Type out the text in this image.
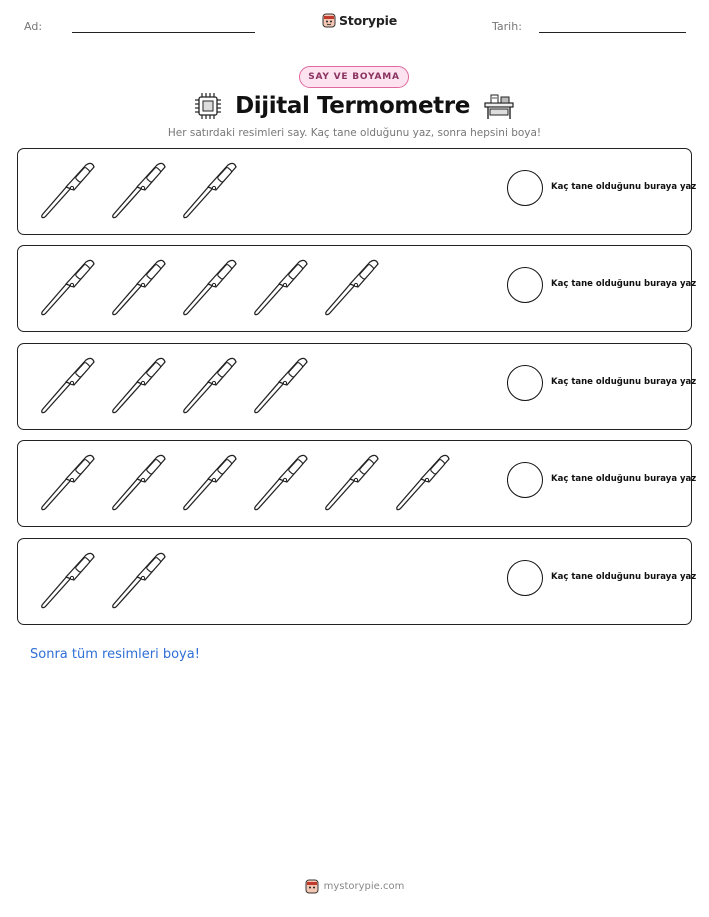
Ad:	Storypie	Tarih:
SAY VE BOYAMA
Dijital Termometre
Her satırdaki resimleri say. Kaç tane olduğunu yaz, sonra hepsini boya!
Kaç tane olduğunu buraya yaz
Kaç tane olduğunu buraya yaz
Kaç tane olduğunu buraya yaz
Kaç tane olduğunu buraya yaz
Kaç tane olduğunu buraya yaz
Sonra tüm resimleri boya!
mystorypie.com
